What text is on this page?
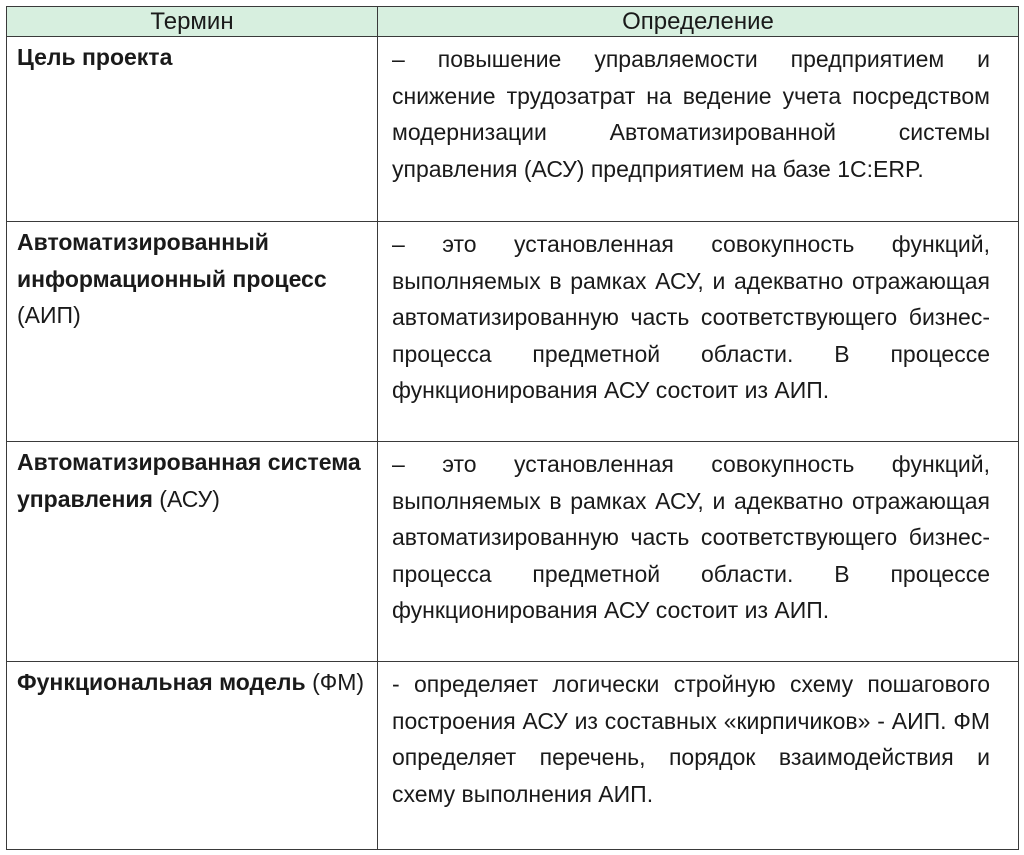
Термин	Определение
Цель проекта	– повышение управляемости предприятием и снижение трудозатрат на ведение учета посредством модернизации Автоматизированной системы управления (АСУ) предприятием на базе 1С:ERP.
Автоматизированный информационный процесс (АИП)	– это установленная совокупность функций, выполняемых в рамках АСУ, и адекватно отражающая автоматизированную часть соответствующего бизнес-процесса предметной области. В процессе функционирования АСУ состоит из АИП.
Автоматизированная система управления (АСУ)	– это установленная совокупность функций, выполняемых в рамках АСУ, и адекватно отражающая автоматизированную часть соответствующего бизнес-процесса предметной области. В процессе функционирования АСУ состоит из АИП.
Функциональная модель (ФМ)	- определяет логически стройную схему пошагового построения АСУ из составных «кирпичиков» - АИП. ФМ определяет перечень, порядок взаимодействия и схему выполнения АИП.
